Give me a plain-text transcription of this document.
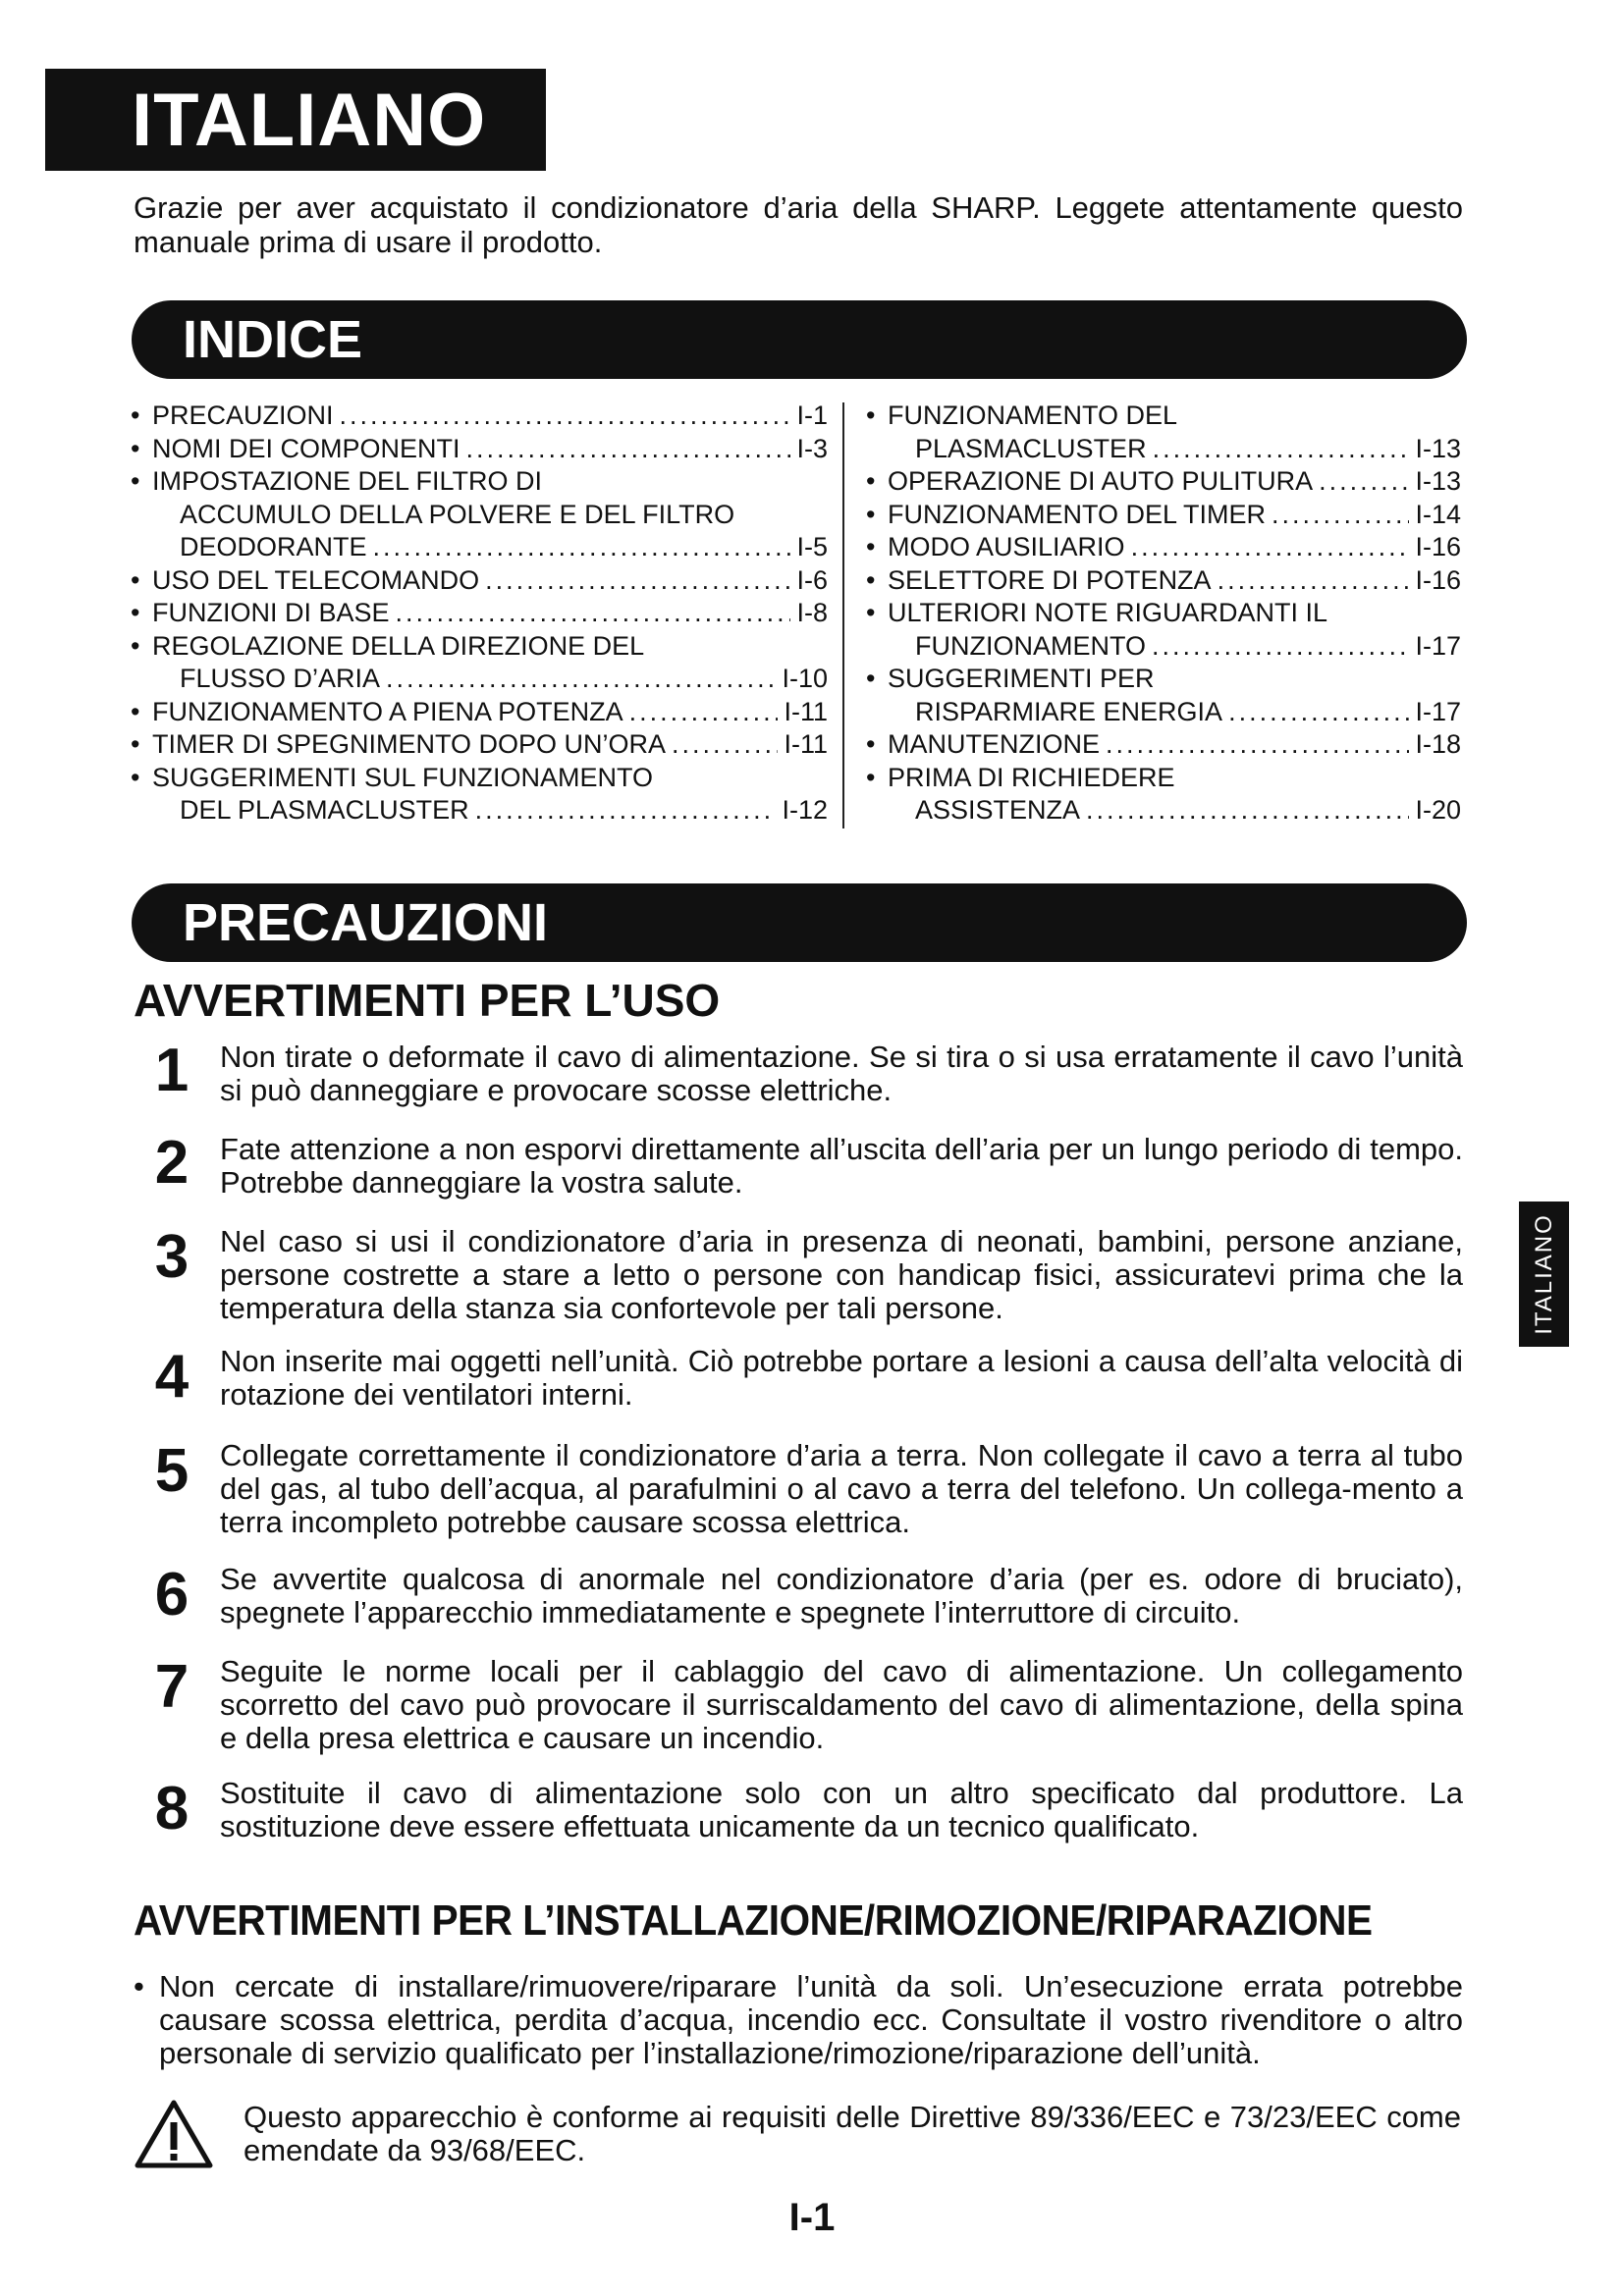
ITALIANO
Grazie per aver acquistato il condizionatore d’aria della SHARP. Leggete attentamente questo manuale prima di usare il prodotto.
INDICE
• PRECAUZIONI .....	I-1
• NOMI DEI COMPONENTI .....	I-3
• IMPOSTAZIONE DEL FILTRO DI
ACCUMULO DELLA POLVERE E DEL FILTRO
DEODORANTE .....	I-5
• USO DEL TELECOMANDO .....	I-6
• FUNZIONI DI BASE .....	I-8
• REGOLAZIONE DELLA DIREZIONE DEL
FLUSSO D’ARIA .....	I-10
• FUNZIONAMENTO A PIENA POTENZA .....	I-11
• TIMER DI SPEGNIMENTO DOPO UN’ORA .....	I-11
• SUGGERIMENTI SUL FUNZIONAMENTO
DEL PLASMACLUSTER .....	I-12
• FUNZIONAMENTO DEL
PLASMACLUSTER .....	I-13
• OPERAZIONE DI AUTO PULITURA .....	I-13
• FUNZIONAMENTO DEL TIMER .....	I-14
• MODO AUSILIARIO .....	I-16
• SELETTORE DI POTENZA .....	I-16
• ULTERIORI NOTE RIGUARDANTI IL
FUNZIONAMENTO .....	I-17
• SUGGERIMENTI PER
RISPARMIARE ENERGIA .....	I-17
• MANUTENZIONE .....	I-18
• PRIMA DI RICHIEDERE
ASSISTENZA .....	I-20
PRECAUZIONI
AVVERTIMENTI PER L’USO
1 Non tirate o deformate il cavo di alimentazione. Se si tira o si usa erratamente il cavo l’unità si può danneggiare e provocare scosse elettriche.
2 Fate attenzione a non esporvi direttamente all’uscita dell’aria per un lungo periodo di tempo. Potrebbe danneggiare la vostra salute.
3 Nel caso si usi il condizionatore d’aria in presenza di neonati, bambini, persone anziane, persone costrette a stare a letto o persone con handicap fisici, assicuratevi prima che la temperatura della stanza sia confortevole per tali persone.
4 Non inserite mai oggetti nell’unità. Ciò potrebbe portare a lesioni a causa dell’alta velocità di rotazione dei ventilatori interni.
5 Collegate correttamente il condizionatore d’aria a terra. Non collegate il cavo a terra al tubo del gas, al tubo dell’acqua, al parafulmini o al cavo a terra del telefono. Un collega-mento a terra incompleto potrebbe causare scossa elettrica.
6 Se avvertite qualcosa di anormale nel condizionatore d’aria (per es. odore di bruciato), spegnete l’apparecchio immediatamente e spegnete l’interruttore di circuito.
7 Seguite le norme locali per il cablaggio del cavo di alimentazione. Un collegamento scorretto del cavo può provocare il surriscaldamento del cavo di alimentazione, della spina e della presa elettrica e causare un incendio.
8 Sostituite il cavo di alimentazione solo con un altro specificato dal produttore. La sostituzione deve essere effettuata unicamente da un tecnico qualificato.
AVVERTIMENTI PER L’INSTALLAZIONE/RIMOZIONE/RIPARAZIONE
• Non cercate di installare/rimuovere/riparare l’unità da soli. Un’esecuzione errata potrebbe causare scossa elettrica, perdita d’acqua, incendio ecc. Consultate il vostro rivenditore o altro personale di servizio qualificato per l’installazione/rimozione/riparazione dell’unità.
Questo apparecchio è conforme ai requisiti delle Direttive 89/336/EEC e 73/23/EEC come emendate da 93/68/EEC.
I-1
ITALIANO
